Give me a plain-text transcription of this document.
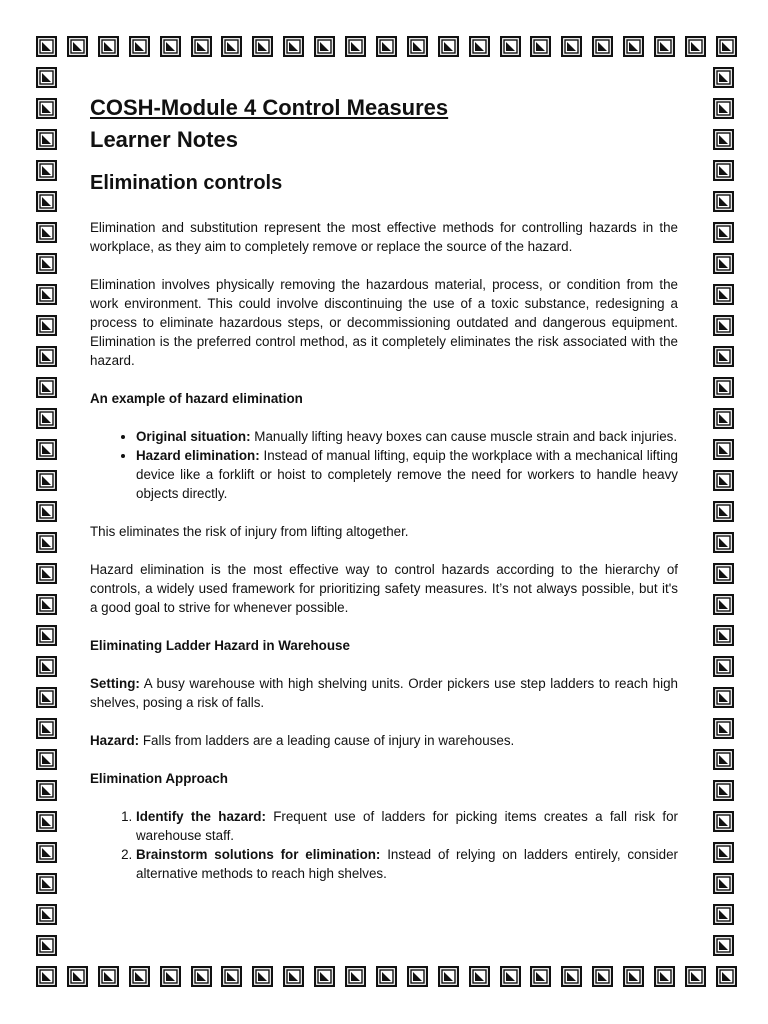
COSH-Module 4 Control Measures
Learner Notes
Elimination controls

Elimination and substitution represent the most effective methods for controlling hazards in the workplace, as they aim to completely remove or replace the source of the hazard.

Elimination involves physically removing the hazardous material, process, or condition from the work environment. This could involve discontinuing the use of a toxic substance, redesigning a process to eliminate hazardous steps, or decommissioning outdated and dangerous equipment. Elimination is the preferred control method, as it completely eliminates the risk associated with the hazard.

An example of hazard elimination

• Original situation: Manually lifting heavy boxes can cause muscle strain and back injuries.
• Hazard elimination: Instead of manual lifting, equip the workplace with a mechanical lifting device like a forklift or hoist to completely remove the need for workers to handle heavy objects directly.

This eliminates the risk of injury from lifting altogether.

Hazard elimination is the most effective way to control hazards according to the hierarchy of controls, a widely used framework for prioritizing safety measures. It’s not always possible, but it's a good goal to strive for whenever possible.

Eliminating Ladder Hazard in Warehouse

Setting: A busy warehouse with high shelving units. Order pickers use step ladders to reach high shelves, posing a risk of falls.

Hazard: Falls from ladders are a leading cause of injury in warehouses.

Elimination Approach

1. Identify the hazard: Frequent use of ladders for picking items creates a fall risk for warehouse staff.
2. Brainstorm solutions for elimination: Instead of relying on ladders entirely, consider alternative methods to reach high shelves.
